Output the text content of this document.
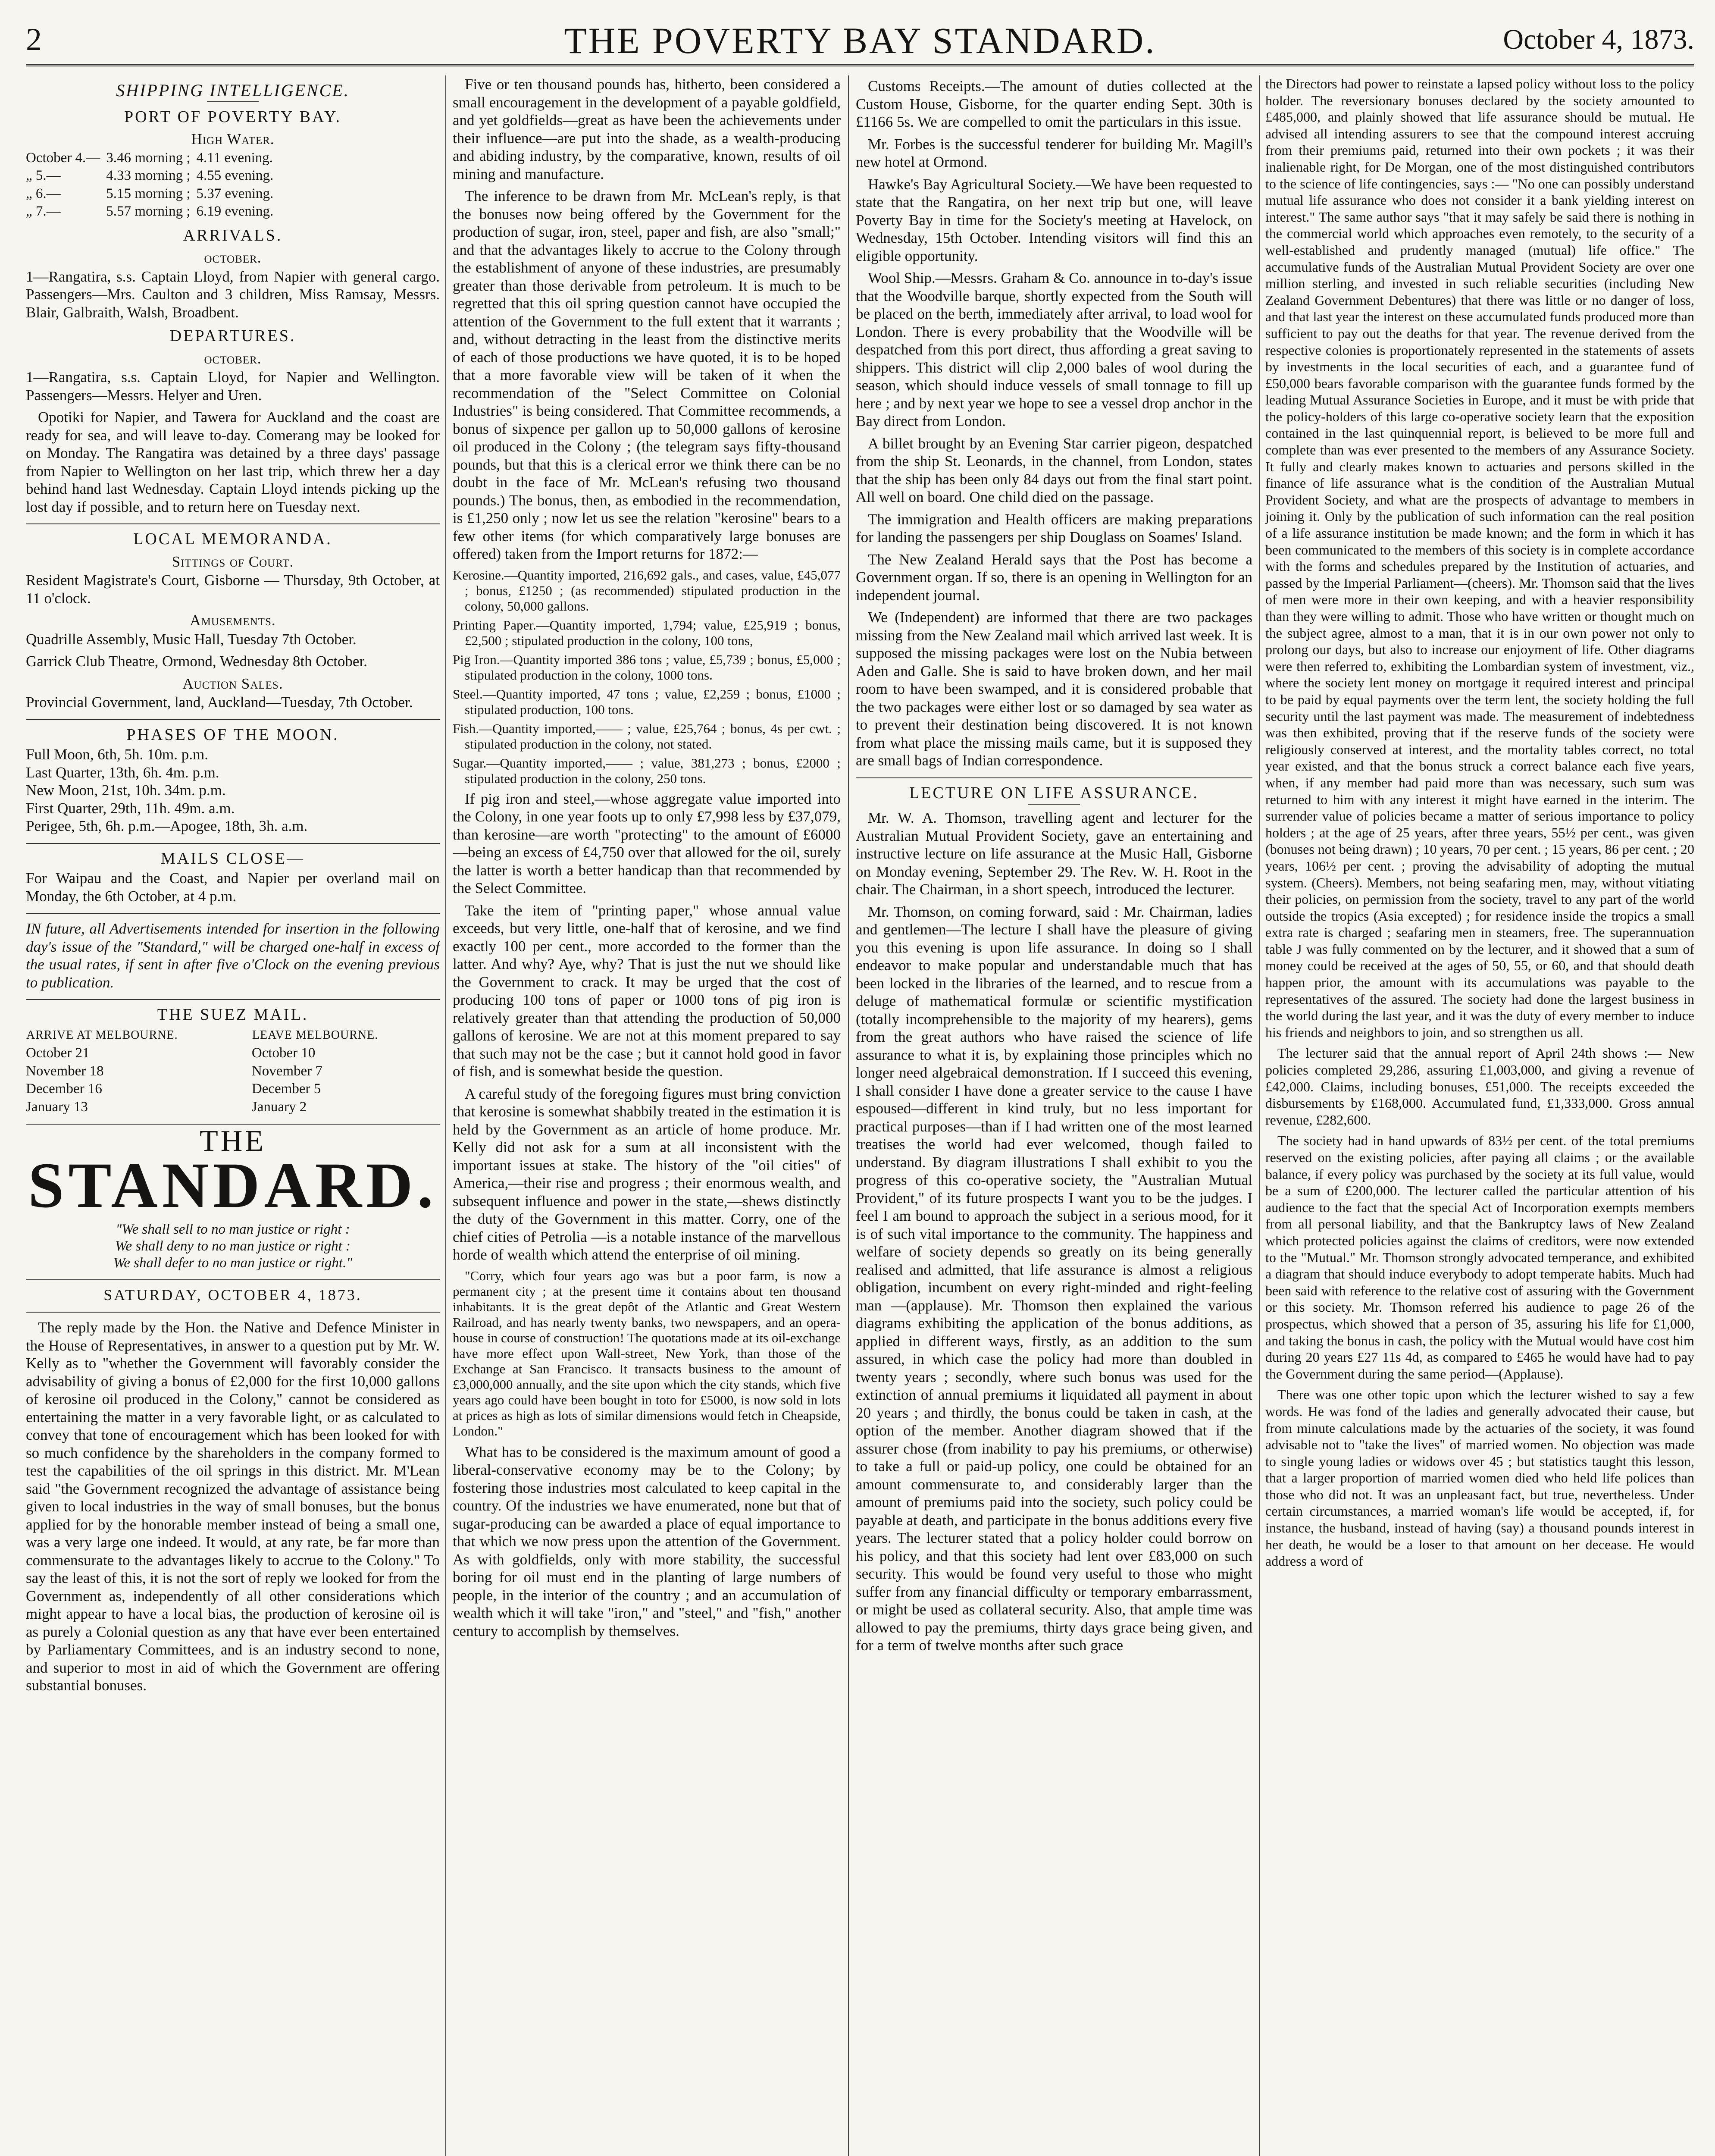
2	THE POVERTY BAY STANDARD.	October 4, 1873.
SHIPPING INTELLIGENCE.
PORT OF POVERTY BAY.
High Water.
October 4.—	3.46 morning ;	4.11 evening.
„ 5.—	4.33 morning ;	4.55 evening.
„ 6.—	5.15 morning ;	5.37 evening.
„ 7.—	5.57 morning ;	6.19 evening.
ARRIVALS.
october.

1—Rangatira, s.s. Captain Lloyd, from Napier with general cargo. Passengers—Mrs. Caulton and 3 children, Miss Ramsay, Messrs. Blair, Galbraith, Walsh, Broadbent.

DEPARTURES.
october.

1—Rangatira, s.s. Captain Lloyd, for Napier and Wellington. Passengers—Messrs. Helyer and Uren.

Opotiki for Napier, and Tawera for Auckland and the coast are ready for sea, and will leave to-day. Comerang may be looked for on Monday. The Rangatira was detained by a three days' passage from Napier to Wellington on her last trip, which threw her a day behind hand last Wednesday. Captain Lloyd intends picking up the lost day if possible, and to return here on Tuesday next.

LOCAL MEMORANDA.
Sittings of Court.

Resident Magistrate's Court, Gisborne — Thursday, 9th October, at 11 o'clock.

Amusements.

Quadrille Assembly, Music Hall, Tuesday 7th October.

Garrick Club Theatre, Ormond, Wednesday 8th October.

Auction Sales.

Provincial Government, land, Auckland—Tuesday, 7th October.

PHASES OF THE MOON.
Full Moon, 6th, 5h. 10m. p.m.
Last Quarter, 13th, 6h. 4m. p.m.
New Moon, 21st, 10h. 34m. p.m.
First Quarter, 29th, 11h. 49m. a.m.
Perigee, 5th, 6h. p.m.—Apogee, 18th, 3h. a.m.
MAILS CLOSE—

For Waipau and the Coast, and Napier per overland mail on Monday, the 6th October, at 4 p.m.

IN future, all Advertisements intended for insertion in the following day's issue of the "Standard," will be charged one-half in excess of the usual rates, if sent in after five o'Clock on the evening previous to publication.

THE SUEZ MAIL.
ARRIVE AT MELBOURNE.	LEAVE MELBOURNE.
October 21	October 10
November 18	November 7
December 16	December 5
January 13	January 2
THE
STANDARD.
"We shall sell to no man justice or right :
We shall deny to no man justice or right :
We shall defer to no man justice or right."
SATURDAY, OCTOBER 4, 1873.

The reply made by the Hon. the Native and Defence Minister in the House of Representatives, in answer to a question put by Mr. W. Kelly as to "whether the Government will favorably consider the advisability of giving a bonus of £2,000 for the first 10,000 gallons of kerosine oil produced in the Colony," cannot be considered as entertaining the matter in a very favorable light, or as calculated to convey that tone of encouragement which has been looked for with so much confidence by the shareholders in the company formed to test the capabilities of the oil springs in this district. Mr. M'Lean said "the Government recognized the advantage of assistance being given to local industries in the way of small bonuses, but the bonus applied for by the honorable member instead of being a small one, was a very large one indeed. It would, at any rate, be far more than commensurate to the advantages likely to accrue to the Colony." To say the least of this, it is not the sort of reply we looked for from the Government as, independently of all other considerations which might appear to have a local bias, the production of kerosine oil is as purely a Colonial question as any that have ever been entertained by Parliamentary Committees, and is an industry second to none, and superior to most in aid of which the Government are offering substantial bonuses.

Five or ten thousand pounds has, hitherto, been considered a small encouragement in the development of a payable goldfield, and yet goldfields—great as have been the achievements under their influence—are put into the shade, as a wealth-producing and abiding industry, by the comparative, known, results of oil mining and manufacture.

The inference to be drawn from Mr. McLean's reply, is that the bonuses now being offered by the Government for the production of sugar, iron, steel, paper and fish, are also "small;" and that the advantages likely to accrue to the Colony through the establishment of anyone of these industries, are presumably greater than those derivable from petroleum. It is much to be regretted that this oil spring question cannot have occupied the attention of the Government to the full extent that it warrants ; and, without detracting in the least from the distinctive merits of each of those productions we have quoted, it is to be hoped that a more favorable view will be taken of it when the recommendation of the "Select Committee on Colonial Industries" is being considered. That Committee recommends, a bonus of sixpence per gallon up to 50,000 gallons of kerosine oil produced in the Colony ; (the telegram says fifty-thousand pounds, but that this is a clerical error we think there can be no doubt in the face of Mr. McLean's refusing two thousand pounds.) The bonus, then, as embodied in the recommendation, is £1,250 only ; now let us see the relation "kerosine" bears to a few other items (for which comparatively large bonuses are offered) taken from the Import returns for 1872:—

Kerosine.—Quantity imported, 216,692 gals., and cases, value, £45,077 ; bonus, £1250 ; (as recommended) stipulated production in the colony, 50,000 gallons.

Printing Paper.—Quantity imported, 1,794; value, £25,919 ; bonus, £2,500 ; stipulated production in the colony, 100 tons,

Pig Iron.—Quantity imported 386 tons ; value, £5,739 ; bonus, £5,000 ; stipulated production in the colony, 1000 tons.

Steel.—Quantity imported, 47 tons ; value, £2,259 ; bonus, £1000 ; stipulated production, 100 tons.

Fish.—Quantity imported,—— ; value, £25,764 ; bonus, 4s per cwt. ; stipulated production in the colony, not stated.

Sugar.—Quantity imported,—— ; value, 381,273 ; bonus, £2000 ; stipulated production in the colony, 250 tons.

If pig iron and steel,—whose aggregate value imported into the Colony, in one year foots up to only £7,998 less by £37,079, than kerosine—are worth "protecting" to the amount of £6000—being an excess of £4,750 over that allowed for the oil, surely the latter is worth a better handicap than that recommended by the Select Committee.

Take the item of "printing paper," whose annual value exceeds, but very little, one-half that of kerosine, and we find exactly 100 per cent., more accorded to the former than the latter. And why? Aye, why? That is just the nut we should like the Government to crack. It may be urged that the cost of producing 100 tons of paper or 1000 tons of pig iron is relatively greater than that attending the production of 50,000 gallons of kerosine. We are not at this moment prepared to say that such may not be the case ; but it cannot hold good in favor of fish, and is somewhat beside the question.

A careful study of the foregoing figures must bring conviction that kerosine is somewhat shabbily treated in the estimation it is held by the Government as an article of home produce. Mr. Kelly did not ask for a sum at all inconsistent with the important issues at stake. The history of the "oil cities" of America,—their rise and progress ; their enormous wealth, and subsequent influence and power in the state,—shews distinctly the duty of the Government in this matter. Corry, one of the chief cities of Petrolia —is a notable instance of the marvellous horde of wealth which attend the enterprise of oil mining.

"Corry, which four years ago was but a poor farm, is now a permanent city ; at the present time it contains about ten thousand inhabitants. It is the great depôt of the Atlantic and Great Western Railroad, and has nearly twenty banks, two newspapers, and an opera-house in course of construction! The quotations made at its oil-exchange have more effect upon Wall-street, New York, than those of the Exchange at San Francisco. It transacts business to the amount of £3,000,000 annually, and the site upon which the city stands, which five years ago could have been bought in toto for £5000, is now sold in lots at prices as high as lots of similar dimensions would fetch in Cheapside, London."

What has to be considered is the maximum amount of good a liberal-conservative economy may be to the Colony; by fostering those industries most calculated to keep capital in the country. Of the industries we have enumerated, none but that of sugar-producing can be awarded a place of equal importance to that which we now press upon the attention of the Government. As with goldfields, only with more stability, the successful boring for oil must end in the planting of large numbers of people, in the interior of the country ; and an accumulation of wealth which it will take "iron," and "steel," and "fish," another century to accomplish by themselves.

Customs Receipts.—The amount of duties collected at the Custom House, Gisborne, for the quarter ending Sept. 30th is £1166 5s. We are compelled to omit the particulars in this issue.

Mr. Forbes is the successful tenderer for building Mr. Magill's new hotel at Ormond.

Hawke's Bay Agricultural Society.—We have been requested to state that the Rangatira, on her next trip but one, will leave Poverty Bay in time for the Society's meeting at Havelock, on Wednesday, 15th October. Intending visitors will find this an eligible opportunity.

Wool Ship.—Messrs. Graham & Co. announce in to-day's issue that the Woodville barque, shortly expected from the South will be placed on the berth, immediately after arrival, to load wool for London. There is every probability that the Woodville will be despatched from this port direct, thus affording a great saving to shippers. This district will clip 2,000 bales of wool during the season, which should induce vessels of small tonnage to fill up here ; and by next year we hope to see a vessel drop anchor in the Bay direct from London.

A billet brought by an Evening Star carrier pigeon, despatched from the ship St. Leonards, in the channel, from London, states that the ship has been only 84 days out from the final start point. All well on board. One child died on the passage.

The immigration and Health officers are making preparations for landing the passengers per ship Douglass on Soames' Island.

The New Zealand Herald says that the Post has become a Government organ. If so, there is an opening in Wellington for an independent journal.

We (Independent) are informed that there are two packages missing from the New Zealand mail which arrived last week. It is supposed the missing packages were lost on the Nubia between Aden and Galle. She is said to have broken down, and her mail room to have been swamped, and it is considered probable that the two packages were either lost or so damaged by sea water as to prevent their destination being discovered. It is not known from what place the missing mails came, but it is supposed they are small bags of Indian correspondence.

LECTURE ON LIFE ASSURANCE.

Mr. W. A. Thomson, travelling agent and lecturer for the Australian Mutual Provident Society, gave an entertaining and instructive lecture on life assurance at the Music Hall, Gisborne on Monday evening, September 29. The Rev. W. H. Root in the chair. The Chairman, in a short speech, introduced the lecturer.

Mr. Thomson, on coming forward, said : Mr. Chairman, ladies and gentlemen—The lecture I shall have the pleasure of giving you this evening is upon life assurance. In doing so I shall endeavor to make popular and understandable much that has been locked in the libraries of the learned, and to rescue from a deluge of mathematical formulæ or scientific mystification (totally incomprehensible to the majority of my hearers), gems from the great authors who have raised the science of life assurance to what it is, by explaining those principles which no longer need algebraical demonstration. If I succeed this evening, I shall consider I have done a greater service to the cause I have espoused—different in kind truly, but no less important for practical purposes—than if I had written one of the most learned treatises the world had ever welcomed, though failed to understand. By diagram illustrations I shall exhibit to you the progress of this co-operative society, the "Australian Mutual Provident," of its future prospects I want you to be the judges. I feel I am bound to approach the subject in a serious mood, for it is of such vital importance to the community. The happiness and welfare of society depends so greatly on its being generally realised and admitted, that life assurance is almost a religious obligation, incumbent on every right-minded and right-feeling man —(applause). Mr. Thomson then explained the various diagrams exhibiting the application of the bonus additions, as applied in different ways, firstly, as an addition to the sum assured, in which case the policy had more than doubled in twenty years ; secondly, where such bonus was used for the extinction of annual premiums it liquidated all payment in about 20 years ; and thirdly, the bonus could be taken in cash, at the option of the member. Another diagram showed that if the assurer chose (from inability to pay his premiums, or otherwise) to take a full or paid-up policy, one could be obtained for an amount commensurate to, and considerably larger than the amount of premiums paid into the society, such policy could be payable at death, and participate in the bonus additions every five years. The lecturer stated that a policy holder could borrow on his policy, and that this society had lent over £83,000 on such security. This would be found very useful to those who might suffer from any financial difficulty or temporary embarrassment, or might be used as collateral security. Also, that ample time was allowed to pay the premiums, thirty days grace being given, and for a term of twelve months after such grace

the Directors had power to reinstate a lapsed policy without loss to the policy holder. The reversionary bonuses declared by the society amounted to £485,000, and plainly showed that life assurance should be mutual. He advised all intending assurers to see that the compound interest accruing from their premiums paid, returned into their own pockets ; it was their inalienable right, for De Morgan, one of the most distinguished contributors to the science of life contingencies, says :— "No one can possibly understand mutual life assurance who does not consider it a bank yielding interest on interest." The same author says "that it may safely be said there is nothing in the commercial world which approaches even remotely, to the security of a well-established and prudently managed (mutual) life office." The accumulative funds of the Australian Mutual Provident Society are over one million sterling, and invested in such reliable securities (including New Zealand Government Debentures) that there was little or no danger of loss, and that last year the interest on these accumulated funds produced more than sufficient to pay out the deaths for that year. The revenue derived from the respective colonies is proportionately represented in the statements of assets by investments in the local securities of each, and a guarantee fund of £50,000 bears favorable comparison with the guarantee funds formed by the leading Mutual Assurance Societies in Europe, and it must be with pride that the policy-holders of this large co-operative society learn that the exposition contained in the last quinquennial report, is believed to be more full and complete than was ever presented to the members of any Assurance Society. It fully and clearly makes known to actuaries and persons skilled in the finance of life assurance what is the condition of the Australian Mutual Provident Society, and what are the prospects of advantage to members in joining it. Only by the publication of such information can the real position of a life assurance institution be made known; and the form in which it has been communicated to the members of this society is in complete accordance with the forms and schedules prepared by the Institution of actuaries, and passed by the Imperial Parliament—(cheers). Mr. Thomson said that the lives of men were more in their own keeping, and with a heavier responsibility than they were willing to admit. Those who have written or thought much on the subject agree, almost to a man, that it is in our own power not only to prolong our days, but also to increase our enjoyment of life. Other diagrams were then referred to, exhibiting the Lombardian system of investment, viz., where the society lent money on mortgage it required interest and principal to be paid by equal payments over the term lent, the society holding the full security until the last payment was made. The measurement of indebtedness was then exhibited, proving that if the reserve funds of the society were religiously conserved at interest, and the mortality tables correct, no total year existed, and that the bonus struck a correct balance each five years, when, if any member had paid more than was necessary, such sum was returned to him with any interest it might have earned in the interim. The surrender value of policies became a matter of serious importance to policy holders ; at the age of 25 years, after three years, 55½ per cent., was given (bonuses not being drawn) ; 10 years, 70 per cent. ; 15 years, 86 per cent. ; 20 years, 106½ per cent. ; proving the advisability of adopting the mutual system. (Cheers). Members, not being seafaring men, may, without vitiating their policies, on permission from the society, travel to any part of the world outside the tropics (Asia excepted) ; for residence inside the tropics a small extra rate is charged ; seafaring men in steamers, free. The superannuation table J was fully commented on by the lecturer, and it showed that a sum of money could be received at the ages of 50, 55, or 60, and that should death happen prior, the amount with its accumulations was payable to the representatives of the assured. The society had done the largest business in the world during the last year, and it was the duty of every member to induce his friends and neighbors to join, and so strengthen us all.

The lecturer said that the annual report of April 24th shows :— New policies completed 29,286, assuring £1,003,000, and giving a revenue of £42,000. Claims, including bonuses, £51,000. The receipts exceeded the disbursements by £168,000. Accumulated fund, £1,333,000. Gross annual revenue, £282,600.

The society had in hand upwards of 83½ per cent. of the total premiums reserved on the existing policies, after paying all claims ; or the available balance, if every policy was purchased by the society at its full value, would be a sum of £200,000. The lecturer called the particular attention of his audience to the fact that the special Act of Incorporation exempts members from all personal liability, and that the Bankruptcy laws of New Zealand which protected policies against the claims of creditors, were now extended to the "Mutual." Mr. Thomson strongly advocated temperance, and exhibited a diagram that should induce everybody to adopt temperate habits. Much had been said with reference to the relative cost of assuring with the Government or this society. Mr. Thomson referred his audience to page 26 of the prospectus, which showed that a person of 35, assuring his life for £1,000, and taking the bonus in cash, the policy with the Mutual would have cost him during 20 years £27 11s 4d, as compared to £465 he would have had to pay the Government during the same period—(Applause).

There was one other topic upon which the lecturer wished to say a few words. He was fond of the ladies and generally advocated their cause, but from minute calculations made by the actuaries of the society, it was found advisable not to "take the lives" of married women. No objection was made to single young ladies or widows over 45 ; but statistics taught this lesson, that a larger proportion of married women died who held life polices than those who did not. It was an unpleasant fact, but true, nevertheless. Under certain circumstances, a married woman's life would be accepted, if, for instance, the husband, instead of having (say) a thousand pounds interest in her death, he would be a loser to that amount on her decease. He would address a word of
